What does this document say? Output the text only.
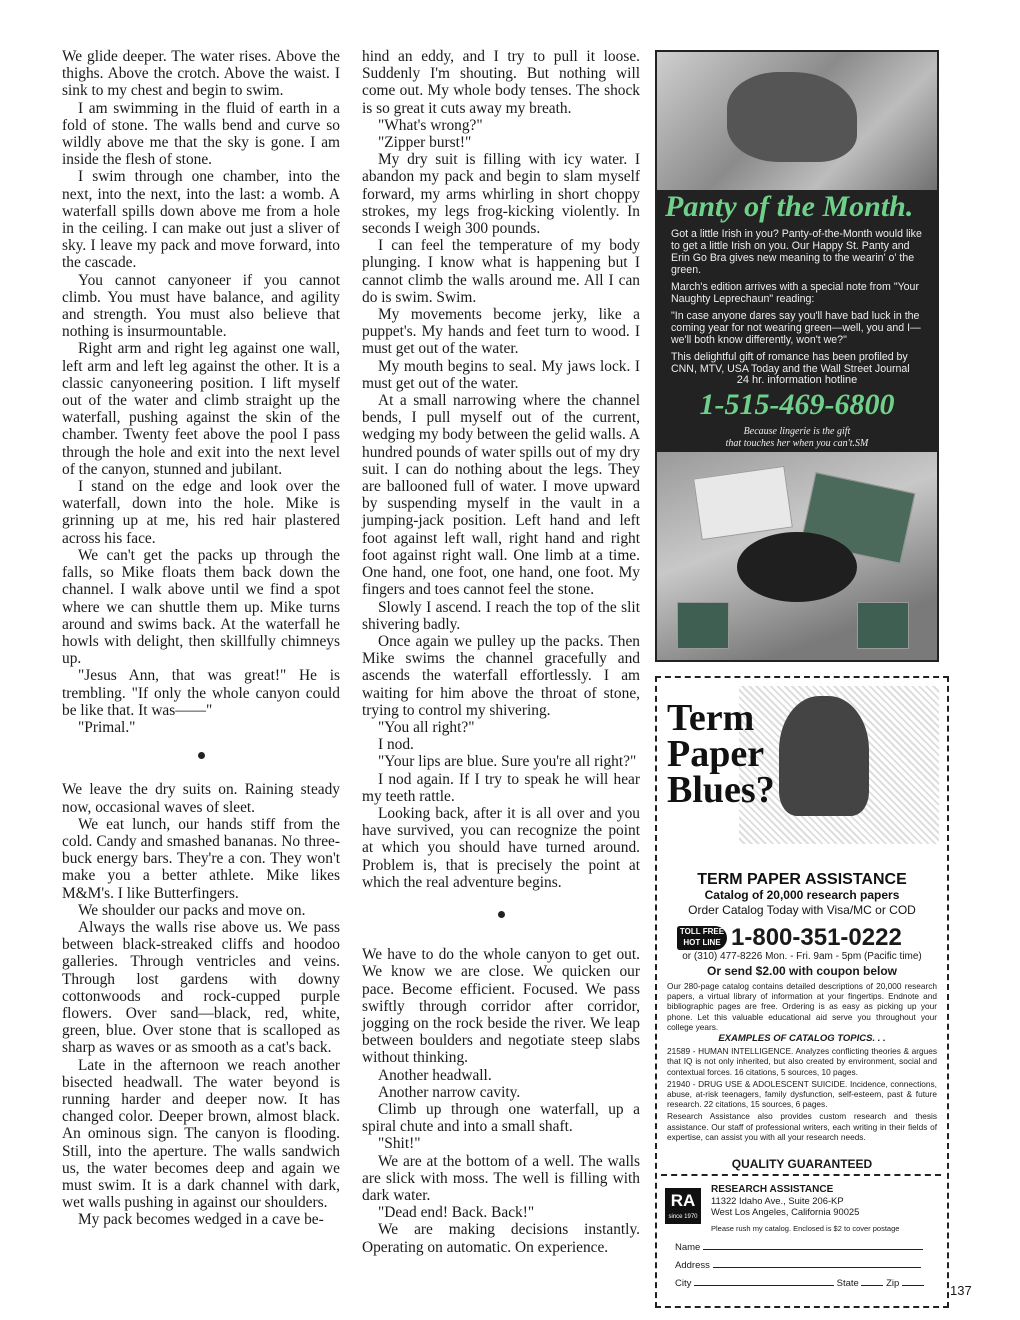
We glide deeper. The water rises. Above the thighs. Above the crotch. Above the waist. I sink to my chest and begin to swim.

I am swimming in the fluid of earth in a fold of stone. The walls bend and curve so wildly above me that the sky is gone. I am inside the flesh of stone.

I swim through one chamber, into the next, into the next, into the last: a womb. A waterfall spills down above me from a hole in the ceiling. I can make out just a sliver of sky. I leave my pack and move forward, into the cascade.

You cannot canyoneer if you cannot climb. You must have balance, and agility and strength. You must also believe that nothing is insurmountable.

Right arm and right leg against one wall, left arm and left leg against the other. It is a classic canyoneering position. I lift myself out of the water and climb straight up the waterfall, pushing against the skin of the chamber. Twenty feet above the pool I pass through the hole and exit into the next level of the canyon, stunned and jubilant.

I stand on the edge and look over the waterfall, down into the hole. Mike is grinning up at me, his red hair plastered across his face.

We can't get the packs up through the falls, so Mike floats them back down the channel. I walk above until we find a spot where we can shuttle them up. Mike turns around and swims back. At the waterfall he howls with delight, then skillfully chimneys up.

"Jesus Ann, that was great!" He is trembling. "If only the whole canyon could be like that. It was——"

"Primal."

We leave the dry suits on. Raining steady now, occasional waves of sleet.

We eat lunch, our hands stiff from the cold. Candy and smashed bananas. No three-buck energy bars. They're a con. They won't make you a better athlete. Mike likes M&M's. I like Butterfingers.

We shoulder our packs and move on.

Always the walls rise above us. We pass between black-streaked cliffs and hoodoo galleries. Through ventricles and veins. Through lost gardens with downy cottonwoods and rock-cupped purple flowers. Over sand—black, red, white, green, blue. Over stone that is scalloped as sharp as waves or as smooth as a cat's back.

Late in the afternoon we reach another bisected headwall. The water beyond is running harder and deeper now. It has changed color. Deeper brown, almost black. An ominous sign. The canyon is flooding. Still, into the aperture. The walls sandwich us, the water becomes deep and again we must swim. It is a dark channel with dark, wet walls pushing in against our shoulders.

My pack becomes wedged in a cave be-

hind an eddy, and I try to pull it loose. Suddenly I'm shouting. But nothing will come out. My whole body tenses. The shock is so great it cuts away my breath.

"What's wrong?"

"Zipper burst!"

My dry suit is filling with icy water. I abandon my pack and begin to slam myself forward, my arms whirling in short choppy strokes, my legs frog-kicking violently. In seconds I weigh 300 pounds.

I can feel the temperature of my body plunging. I know what is happening but I cannot climb the walls around me. All I can do is swim. Swim.

My movements become jerky, like a puppet's. My hands and feet turn to wood. I must get out of the water.

My mouth begins to seal. My jaws lock. I must get out of the water.

At a small narrowing where the channel bends, I pull myself out of the current, wedging my body between the gelid walls. A hundred pounds of water spills out of my dry suit. I can do nothing about the legs. They are ballooned full of water. I move upward by suspending myself in the vault in a jumping-jack position. Left hand and left foot against left wall, right hand and right foot against right wall. One limb at a time. One hand, one foot, one hand, one foot. My fingers and toes cannot feel the stone.

Slowly I ascend. I reach the top of the slit shivering badly.

Once again we pulley up the packs. Then Mike swims the channel gracefully and ascends the waterfall effortlessly. I am waiting for him above the throat of stone, trying to control my shivering.

"You all right?"

I nod.

"Your lips are blue. Sure you're all right?"

I nod again. If I try to speak he will hear my teeth rattle.

Looking back, after it is all over and you have survived, you can recognize the point at which you should have turned around. Problem is, that is precisely the point at which the real adventure begins.

We have to do the whole canyon to get out. We know we are close. We quicken our pace. Become efficient. Focused. We pass swiftly through corridor after corridor, jogging on the rock beside the river. We leap between boulders and negotiate steep slabs without thinking.

Another headwall.

Another narrow cavity.

Climb up through one waterfall, up a spiral chute and into a small shaft.

"Shit!"

We are at the bottom of a well. The walls are slick with moss. The well is filling with dark water.

"Dead end! Back. Back!"

We are making decisions instantly. Operating on automatic. On experience.

Panty of the Month.

Got a little Irish in you? Panty-of-the-Month would like to get a little Irish on you. Our Happy St. Panty and Erin Go Bra gives new meaning to the wearin' o' the green.

March's edition arrives with a special note from "Your Naughty Leprechaun" reading:

"In case anyone dares say you'll have bad luck in the coming year for not wearing green—well, you and I—we'll both know differently, won't we?"

This delightful gift of romance has been profiled by CNN, MTV, USA Today and the Wall Street Journal

24 hr. information hotline
1-515-469-6800
Because lingerie is the gift
that touches her when you can't.SM
Term
Paper
Blues?
TERM PAPER ASSISTANCE
Catalog of 20,000 research papers
Order Catalog Today with Visa/MC or COD
TOLL FREE
HOT LINE 1-800-351-0222
or (310) 477-8226 Mon. - Fri. 9am - 5pm (Pacific time)
Or send $2.00 with coupon below

Our 280-page catalog contains detailed descriptions of 20,000 research papers, a virtual library of information at your fingertips. Endnote and bibliographic pages are free. Ordering is as easy as picking up your phone. Let this valuable educational aid serve you throughout your college years.

EXAMPLES OF CATALOG TOPICS. . .

21589 - HUMAN INTELLIGENCE. Analyzes conflicting theories & argues that IQ is not only inherited, but also created by environment, social and contextual forces. 16 citations, 5 sources, 10 pages.

21940 - DRUG USE & ADOLESCENT SUICIDE. Incidence, connections, abuse, at-risk teenagers, family dysfunction, self-esteem, past & future research. 22 citations, 15 sources, 6 pages.

Research Assistance also provides custom research and thesis assistance. Our staff of professional writers, each writing in their fields of expertise, can assist you with all your research needs.

QUALITY GUARANTEED
RA
since 1970
RESEARCH ASSISTANCE
11322 Idaho Ave., Suite 206-KP
West Los Angeles, California 90025
Please rush my catalog. Enclosed is $2 to cover postage
Name
Address
City	State	Zip	137
